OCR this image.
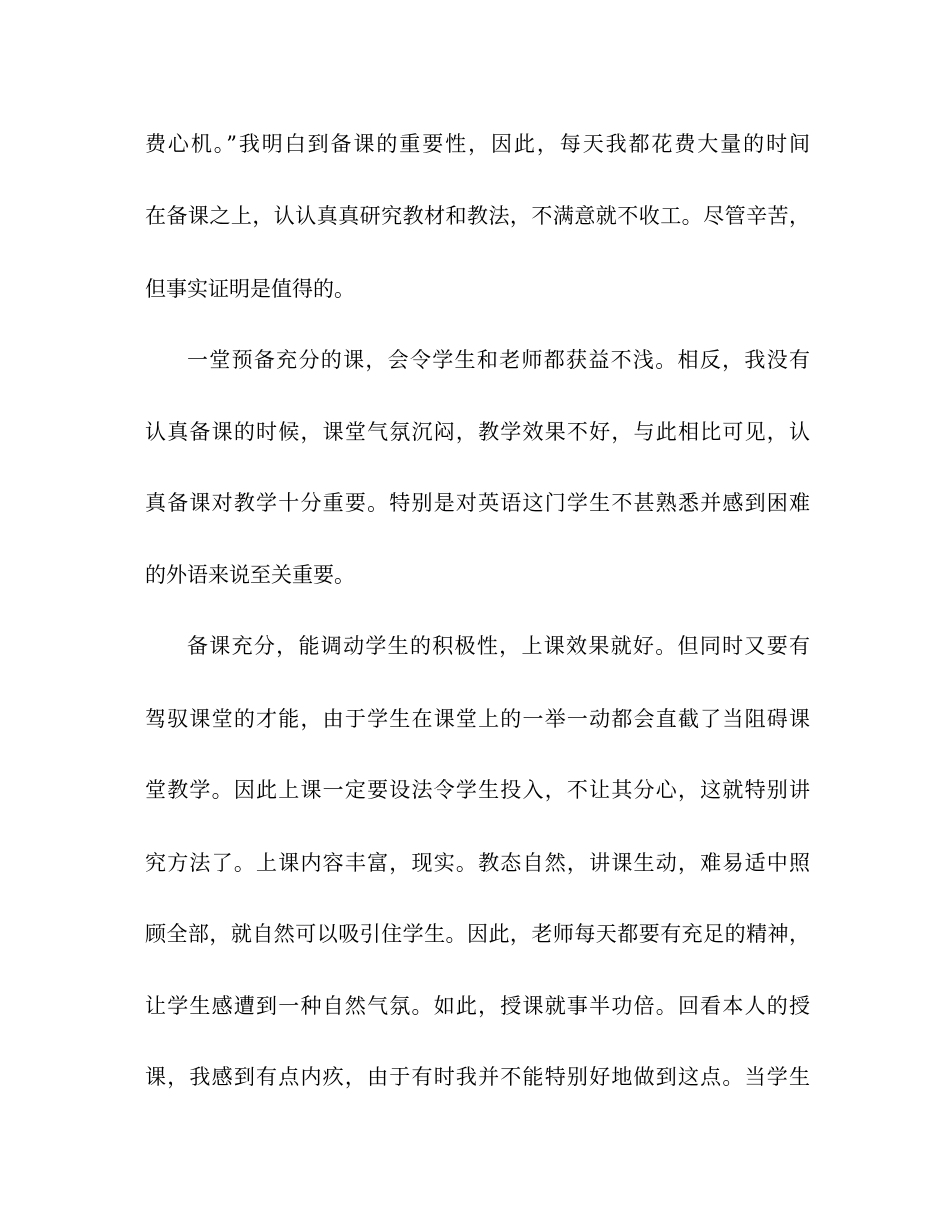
费心机。”我明白到备课的重要性，因此，每天我都花费大量的时间
在备课之上，认认真真研究教材和教法，不满意就不收工。尽管辛苦，
但事实证明是值得的。
一堂预备充分的课，会令学生和老师都获益不浅。相反，我没有
认真备课的时候，课堂气氛沉闷，教学效果不好，与此相比可见，认
真备课对教学十分重要。特别是对英语这门学生不甚熟悉并感到困难
的外语来说至关重要。
备课充分，能调动学生的积极性，上课效果就好。但同时又要有
驾驭课堂的才能，由于学生在课堂上的一举一动都会直截了当阻碍课
堂教学。因此上课一定要设法令学生投入，不让其分心，这就特别讲
究方法了。上课内容丰富，现实。教态自然，讲课生动，难易适中照
顾全部，就自然可以吸引住学生。因此，老师每天都要有充足的精神，
让学生感遭到一种自然气氛。如此，授课就事半功倍。回看本人的授
课，我感到有点内疚，由于有时我并不能特别好地做到这点。当学生
